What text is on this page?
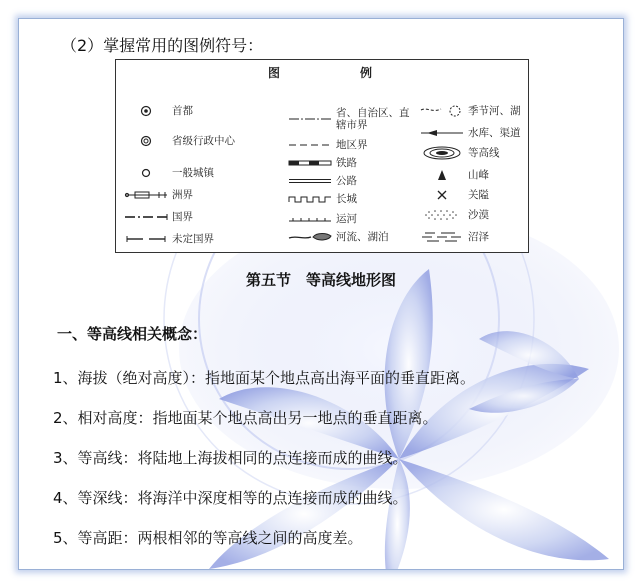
（2）掌握常用的图例符号：
图	例
首都
省级行政中心
一般城镇
洲界
国界
未定国界
省、自治区、直辖市界
地区界
铁路
公路
长城
运河
河流、湖泊
季节河、湖
水库、渠道
等高线
山峰
关隘
沙漠
沼泽
第五节　等高线地形图
一、等高线相关概念：
1、海拔（绝对高度）：指地面某个地点高出海平面的垂直距离。
2、相对高度：指地面某个地点高出另一地点的垂直距离。
3、等高线：将陆地上海拔相同的点连接而成的曲线。
4、等深线：将海洋中深度相等的点连接而成的曲线。
5、等高距：两根相邻的等高线之间的高度差。
